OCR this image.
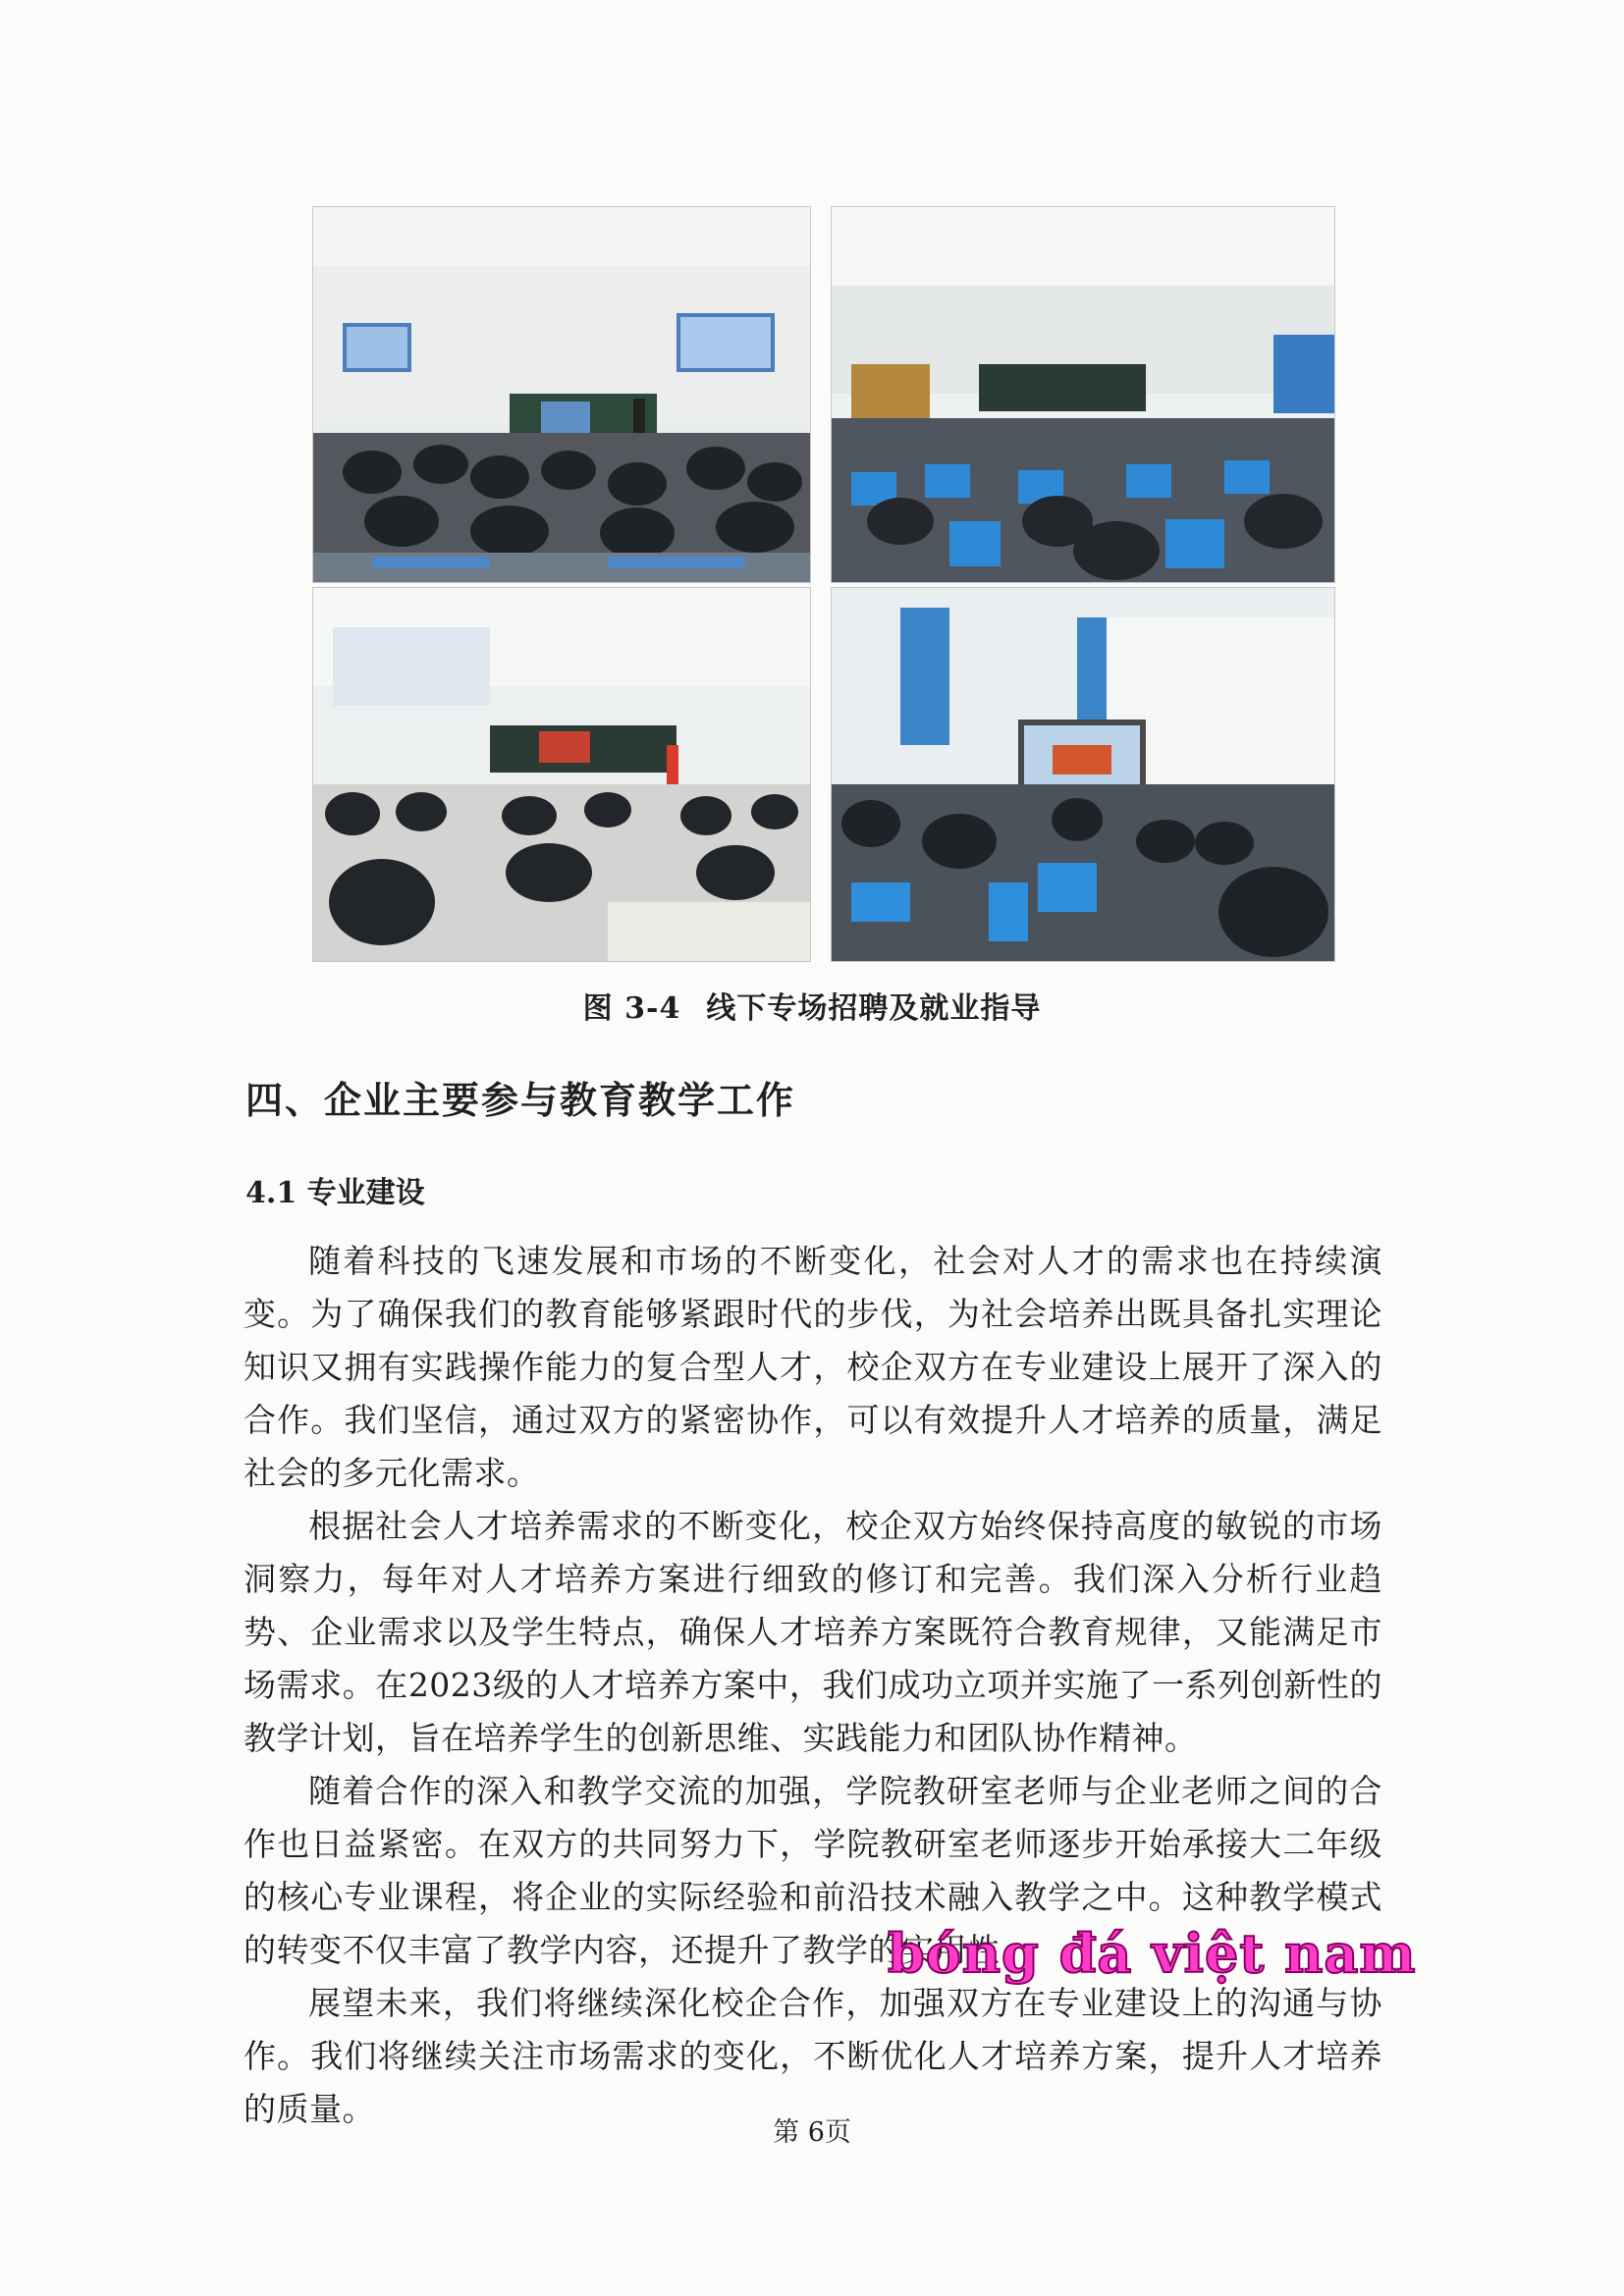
图 3-4 线下专场招聘及就业指导
四、企业主要参与教育教学工作
4.1 专业建设

随着科技的飞速发展和市场的不断变化，社会对人才的需求也在持续演变。为了确保我们的教育能够紧跟时代的步伐，为社会培养出既具备扎实理论知识又拥有实践操作能力的复合型人才，校企双方在专业建设上展开了深入的合作。我们坚信，通过双方的紧密协作，可以有效提升人才培养的质量，满足社会的多元化需求。

根据社会人才培养需求的不断变化，校企双方始终保持高度的敏锐的市场洞察力，每年对人才培养方案进行细致的修订和完善。我们深入分析行业趋势、企业需求以及学生特点，确保人才培养方案既符合教育规律，又能满足市场需求。在2023级的人才培养方案中，我们成功立项并实施了一系列创新性的教学计划，旨在培养学生的创新思维、实践能力和团队协作精神。

随着合作的深入和教学交流的加强，学院教研室老师与企业老师之间的合作也日益紧密。在双方的共同努力下，学院教研室老师逐步开始承接大二年级的核心专业课程，将企业的实际经验和前沿技术融入教学之中。这种教学模式的转变不仅丰富了教学内容，还提升了教学的实用性

展望未来，我们将继续深化校企合作，加强双方在专业建设上的沟通与协作。我们将继续关注市场需求的变化，不断优化人才培养方案，提升人才培养的质量。

第 6页
bóng đá việt nam
